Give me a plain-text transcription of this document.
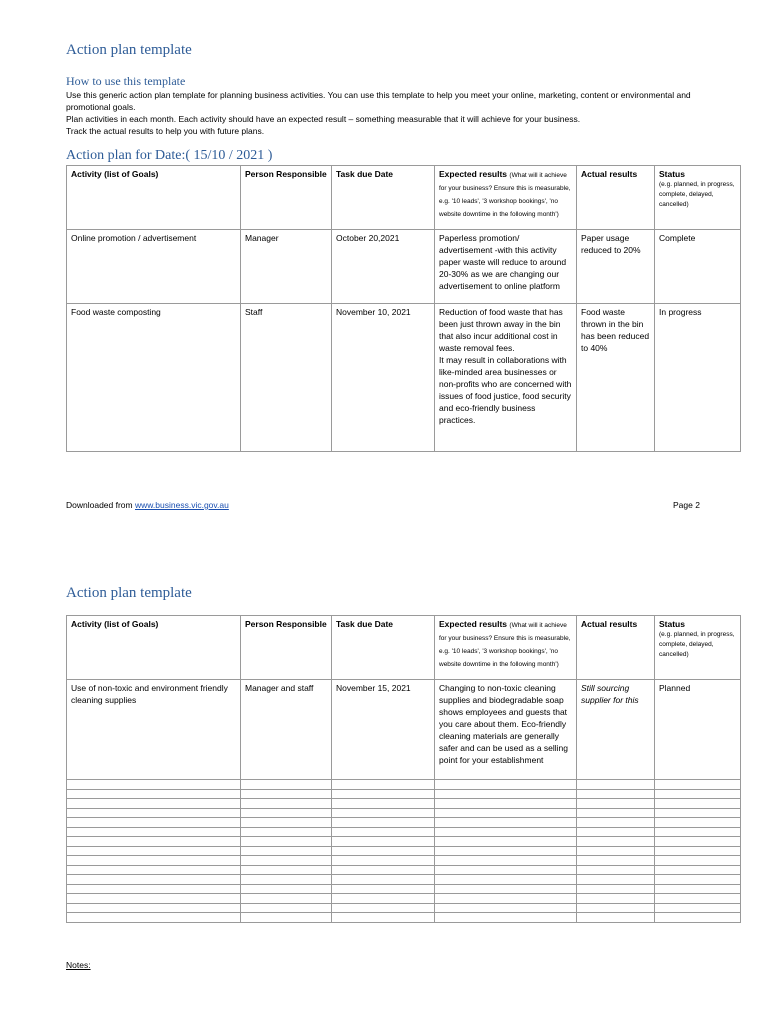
Action plan template
How to use this template

Use this generic action plan template for planning business activities. You can use this template to help you meet your online, marketing, content or environmental and promotional goals.

Plan activities in each month. Each activity should have an expected result – something measurable that it will achieve for your business.

Track the actual results to help you with future plans.

Action plan for Date:( 15/10 / 2021 )
Activity (list of Goals)	Person Responsible	Task due Date	Expected results (What will it achieve for your business? Ensure this is measurable, e.g. '10 leads', '3 workshop bookings', 'no website downtime in the following month')	Actual results	Status
(e.g. planned, in progress, complete, delayed, cancelled)

Online promotion / advertisement	Manager	October 20,2021	Paperless promotion/ advertisement -with this activity paper waste will reduce to around 20-30% as we are changing our advertisement to online platform	Paper usage reduced to 20%	Complete
Food waste composting	Staff	November 10, 2021	Reduction of food waste that has been just thrown away in the bin that also incur additional cost in waste removal fees.
It may result in collaborations with like-minded area businesses or non-profits who are concerned with issues of food justice, food security and eco-friendly business practices.	Food waste thrown in the bin has been reduced to 40%	In progress

Downloaded from www.business.vic.gov.au	Page 2

Action plan template
Activity (list of Goals)	Person Responsible	Task due Date	Expected results (What will it achieve for your business? Ensure this is measurable, e.g. '10 leads', '3 workshop bookings', 'no website downtime in the following month')	Actual results	Status
(e.g. planned, in progress, complete, delayed, cancelled)

Use of non-toxic and environment friendly cleaning supplies	Manager and staff	November 15, 2021	Changing to non-toxic cleaning supplies and biodegradable soap shows employees and guests that you care about them. Eco-friendly cleaning materials are generally safer and can be used as a selling point for your establishment	Still sourcing supplier for this	Planned

Notes:
